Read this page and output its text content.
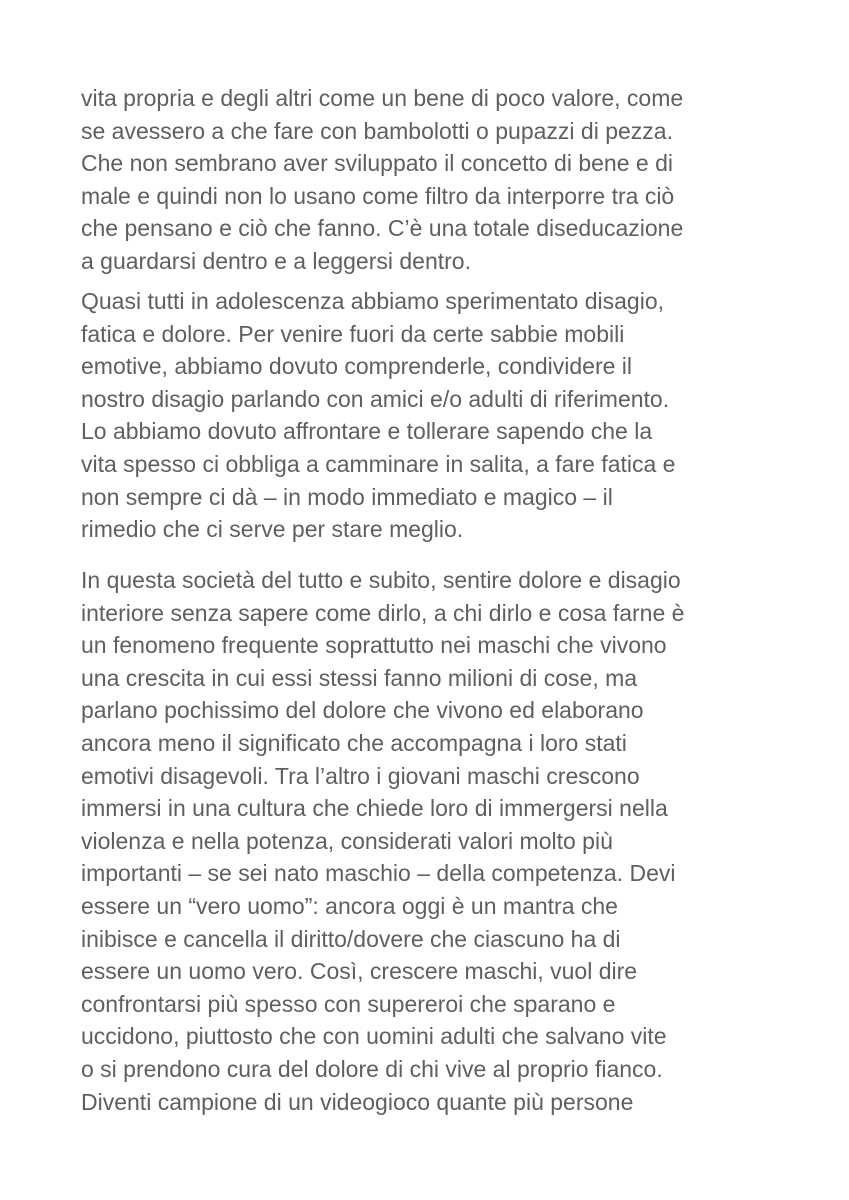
vita propria e degli altri come un bene di poco valore, come
se avessero a che fare con bambolotti o pupazzi di pezza.
Che non sembrano aver sviluppato il concetto di bene e di
male e quindi non lo usano come filtro da interporre tra ciò
che pensano e ciò che fanno. C’è una totale diseducazione
a guardarsi dentro e a leggersi dentro.
Quasi tutti in adolescenza abbiamo sperimentato disagio,
fatica e dolore. Per venire fuori da certe sabbie mobili
emotive, abbiamo dovuto comprenderle, condividere il
nostro disagio parlando con amici e/o adulti di riferimento.
Lo abbiamo dovuto affrontare e tollerare sapendo che la
vita spesso ci obbliga a camminare in salita, a fare fatica e
non sempre ci dà – in modo immediato e magico – il
rimedio che ci serve per stare meglio.
In questa società del tutto e subito, sentire dolore e disagio
interiore senza sapere come dirlo, a chi dirlo e cosa farne è
un fenomeno frequente soprattutto nei maschi che vivono
una crescita in cui essi stessi fanno milioni di cose, ma
parlano pochissimo del dolore che vivono ed elaborano
ancora meno il significato che accompagna i loro stati
emotivi disagevoli. Tra l’altro i giovani maschi crescono
immersi in una cultura che chiede loro di immergersi nella
violenza e nella potenza, considerati valori molto più
importanti – se sei nato maschio – della competenza. Devi
essere un “vero uomo”: ancora oggi è un mantra che
inibisce e cancella il diritto/dovere che ciascuno ha di
essere un uomo vero. Così, crescere maschi, vuol dire
confrontarsi più spesso con supereroi che sparano e
uccidono, piuttosto che con uomini adulti che salvano vite
o si prendono cura del dolore di chi vive al proprio fianco.
Diventi campione di un videogioco quante più persone
